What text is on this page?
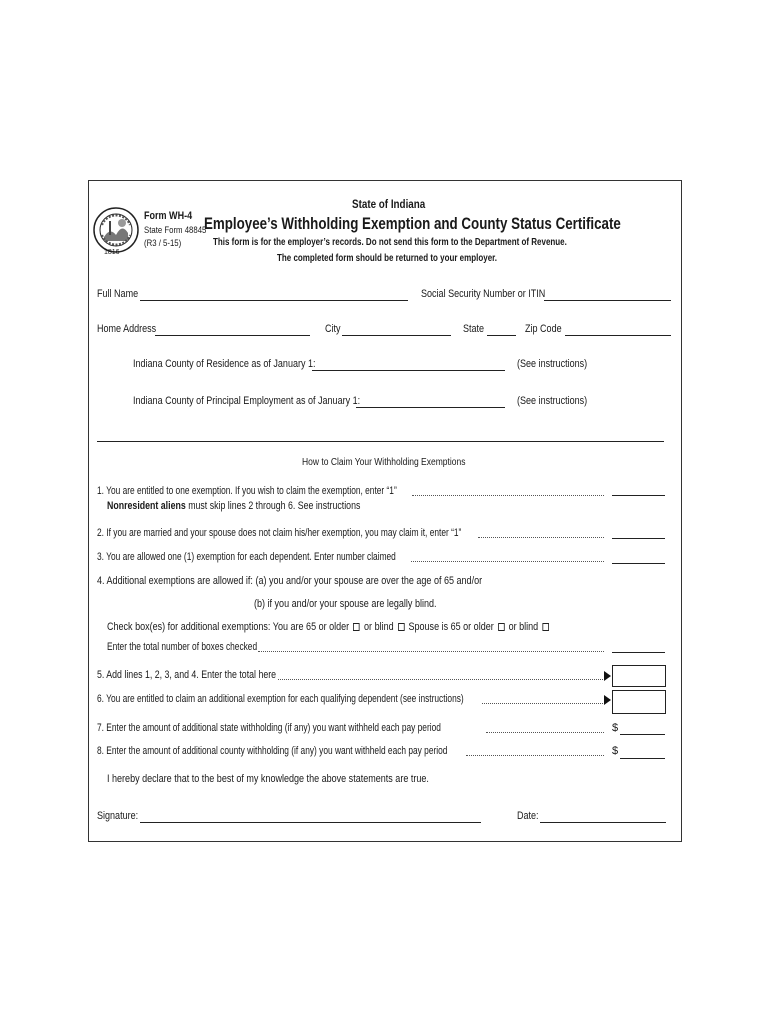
1816
State of Indiana
Form WH-4
State Form 48845
(R3 / 5-15)
Employee’s Withholding Exemption and County Status Certificate
This form is for the employer’s records. Do not send this form to the Department of Revenue.
The completed form should be returned to your employer.
Full Name	Social Security Number or ITIN
Home Address	City	State	Zip Code
Indiana County of Residence as of January 1:	(See instructions)
Indiana County of Principal Employment as of January 1:	(See instructions)
How to Claim Your Withholding Exemptions
1. You are entitled to one exemption. If you wish to claim the exemption, enter “1”
Nonresident aliens must skip lines 2 through 6. See instructions
2. If you are married and your spouse does not claim his/her exemption, you may claim it, enter “1”
3. You are allowed one (1) exemption for each dependent. Enter number claimed
4. Additional exemptions are allowed if: (a) you and/or your spouse are over the age of 65 and/or
(b) if you and/or your spouse are legally blind.
Check box(es) for additional exemptions: You are 65 or older or blind Spouse is 65 or older or blind
Enter the total number of boxes checked
5. Add lines 1, 2, 3, and 4. Enter the total here
6. You are entitled to claim an additional exemption for each qualifying dependent (see instructions)
7. Enter the amount of additional state withholding (if any) you want withheld each pay period	$
8. Enter the amount of additional county withholding (if any) you want withheld each pay period	$
I hereby declare that to the best of my knowledge the above statements are true.
Signature:	Date:
